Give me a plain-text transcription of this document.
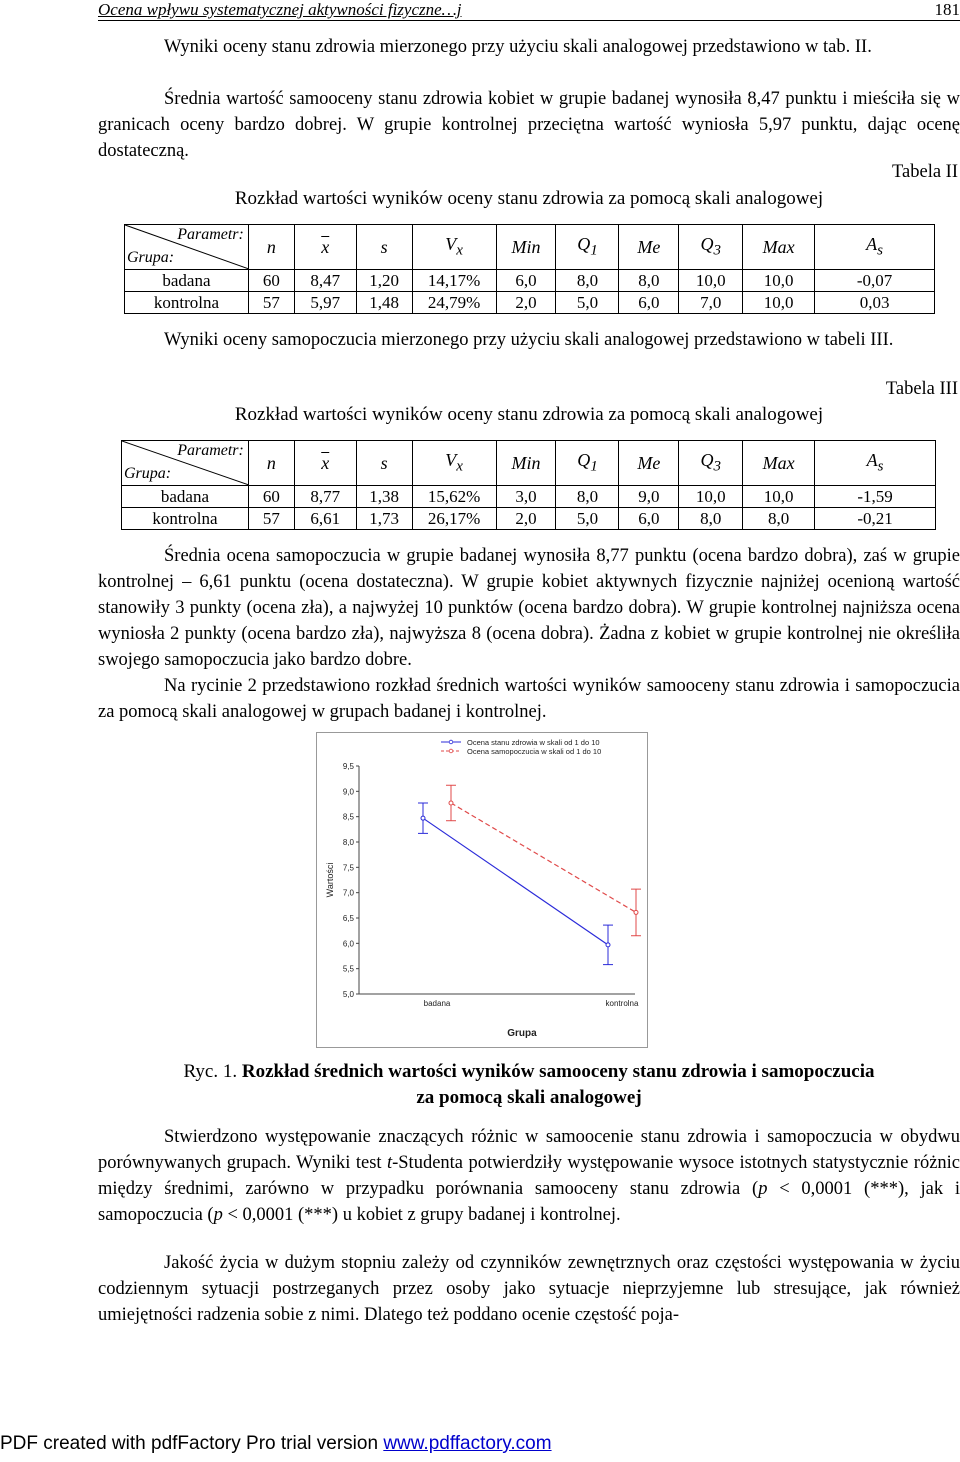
Ocena wpływu systematycznej aktywności fizyczne…j	181
Wyniki oceny stanu zdrowia mierzonego przy użyciu skali analogowej przedstawiono w tab. II.
Średnia wartość samooceny stanu zdrowia kobiet w grupie badanej wynosiła 8,47 punktu i mieściła się w granicach oceny bardzo dobrej. W grupie kontrolnej przeciętna wartość wyniosła 5,97 punktu, dając ocenę dostateczną.
Tabela II
Rozkład wartości wyników oceny stanu zdrowia za pomocą skali analogowej
Parametr:
Grupa:	n	$\overline{x}$	s	$V_x$	Min	$Q_1$	Me	$Q_3$	Max	$A_s$
badana	60	8,47	1,20	14,17%	6,0	8,0	8,0	10,0	10,0	-0,07
kontrolna	57	5,97	1,48	24,79%	2,0	5,0	6,0	7,0	10,0	0,03
Wyniki oceny samopoczucia mierzonego przy użyciu skali analogowej przedstawiono w tabeli III.
Tabela III
Rozkład wartości wyników oceny stanu zdrowia za pomocą skali analogowej
Parametr:
Grupa:	n	$\overline{x}$	s	$V_x$	Min	$Q_1$	Me	$Q_3$	Max	$A_s$
badana	60	8,77	1,38	15,62%	3,0	8,0	9,0	10,0	10,0	-1,59
kontrolna	57	6,61	1,73	26,17%	2,0	5,0	6,0	8,0	8,0	-0,21
Średnia ocena samopoczucia w grupie badanej wynosiła 8,77 punktu (ocena bardzo dobra), zaś w grupie kontrolnej – 6,61 punktu (ocena dostateczna). W grupie kobiet aktywnych fizycznie najniżej ocenioną wartość stanowiły 3 punkty (ocena zła), a najwyżej 10 punktów (ocena bardzo dobra). W grupie kontrolnej najniższa ocena wyniosła 2 punkty (ocena bardzo zła), najwyższa 8 (ocena dobra). Żadna z kobiet w grupie kontrolnej nie określiła swojego samopoczucia jako bardzo dobre.
Na rycinie 2 przedstawiono rozkład średnich wartości wyników samooceny stanu zdrowia i samopoczucia za pomocą skali analogowej w grupach badanej i kontrolnej.
9,5
9,0
8,5
8,0
7,5
7,0
6,5
6,0
5,5
5,0
badana	kontrolna
Wartości
Grupa
Ocena stanu zdrowia w skali od 1 do 10
Ocena samopoczucia w skali od 1 do 10
Ryc. 1. Rozkład średnich wartości wyników samooceny stanu zdrowia i samopoczucia
za pomocą skali analogowej
Stwierdzono występowanie znaczących różnic w samoocenie stanu zdrowia i samopoczucia w obydwu porównywanych grupach. Wyniki test t-Studenta potwierdziły występowanie wysoce istotnych statystycznie różnic między średnimi, zarówno w przypadku porównania samooceny stanu zdrowia (p < 0,0001 (***), jak i samopoczucia (p < 0,0001 (***) u kobiet z grupy badanej i kontrolnej.
Jakość życia w dużym stopniu zależy od czynników zewnętrznych oraz częstości występowania w życiu codziennym sytuacji postrzeganych przez osoby jako sytuacje nieprzyjemne lub stresujące, jak również umiejętności radzenia sobie z nimi. Dlatego też poddano ocenie częstość poja-
PDF created with pdfFactory Pro trial version www.pdffactory.com
